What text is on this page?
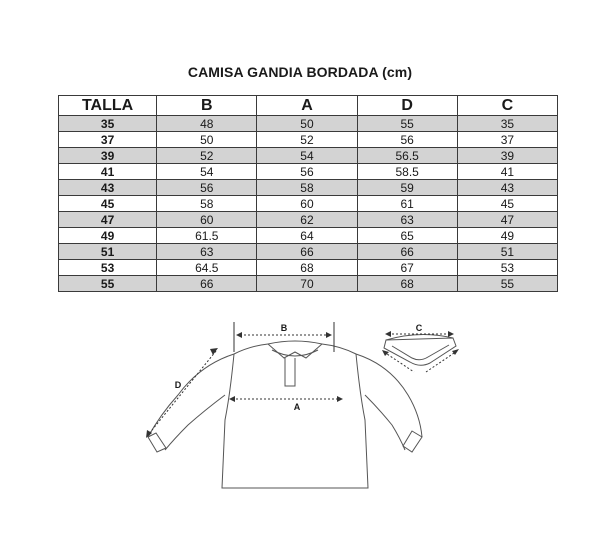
CAMISA GANDIA BORDADA (cm)
TALLA	B	A	D	C
35	48	50	55	35
37	50	52	56	37
39	52	54	56.5	39
41	54	56	58.5	41
43	56	58	59	43
45	58	60	61	45
47	60	62	63	47
49	61.5	64	65	49
51	63	66	66	51
53	64.5	68	67	53
55	66	70	68	55
B
A
D
C
